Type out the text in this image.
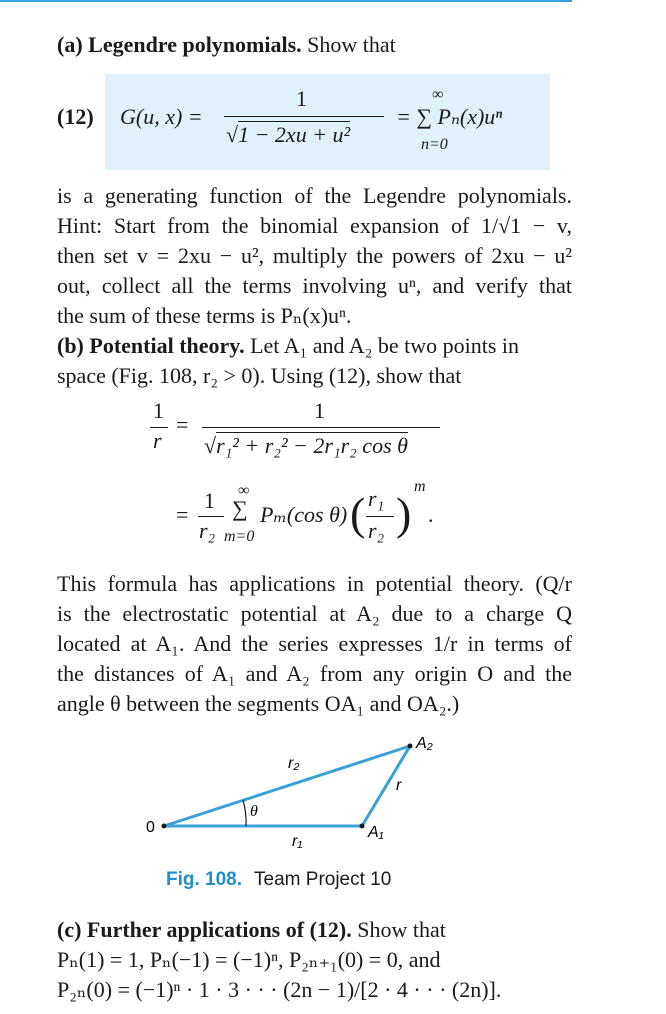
(a) Legendre polynomials. Show that
(12) G(u, x) =
1
√1 − 2xu + u²
= ∑ Pₙ(x)uⁿ
∞
n=0
is a generating function of the Legendre polynomials.
Hint: Start from the binomial expansion of 1/√1 − v,
then set v = 2xu − u², multiply the powers of 2xu − u²
out, collect all the terms involving uⁿ, and verify that
the sum of these terms is Pₙ(x)uⁿ.
(b) Potential theory. Let A₁ and A₂ be two points in
space (Fig. 108, r₂ > 0). Using (12), show that
1
r
=
1
√r₁² + r₂² − 2r₁r₂ cos θ
=
1
r₂
∞
∑
m=0
Pₘ(cos θ) ( r₁
r₂ )
m
.
This formula has applications in potential theory. (Q/r
is the electrostatic potential at A₂ due to a charge Q
located at A₁. And the series expresses 1/r in terms of
the distances of A₁ and A₂ from any origin O and the
angle θ between the segments OA₁ and OA₂.)
0	A₁
A₂
r₂
r₁
r
θ
Fig. 108. Team Project 10
(c) Further applications of (12). Show that
Pₙ(1) = 1, Pₙ(−1) = (−1)ⁿ, P₂ₙ₊₁(0) = 0, and
P₂ₙ(0) = (−1)ⁿ · 1 · 3 · · · (2n − 1)/[2 · 4 · · · (2n)].
